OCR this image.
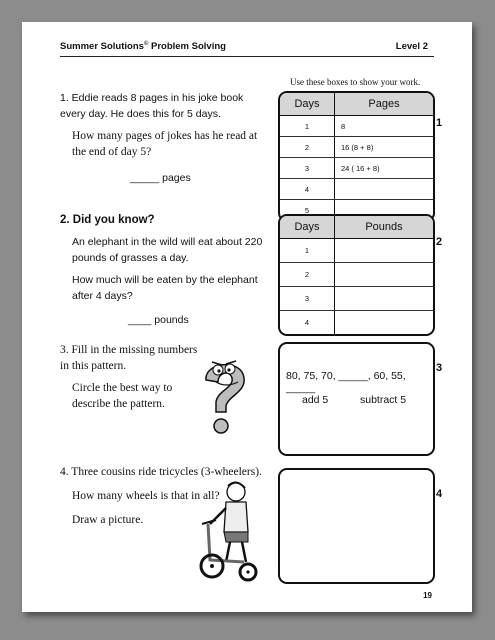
Summer Solutions© Problem Solving	Level 2
Use these boxes to show your work.

1. Eddie reads 8 pages in his joke book every day. He does this for 5 days.

How many pages of jokes has he read at the end of day 5?

_____ pages

2. Did you know?

An elephant in the wild will eat about 220 pounds of grasses a day.

How much will be eaten by the elephant after 4 days?

____ pounds

3. Fill in the missing numbers in this pattern.

Circle the best way to describe the pattern.

4. Three cousins ride tricycles (3-wheelers).

How many wheels is that in all?

Draw a picture.

Days	Pages
1	8
2	16 (8 + 8)
3	24 ( 16 + 8)
4	
5	
1
Days	Pounds
1	
2	
3	
4	
2
80, 75, 70, _____, 60, 55, _____
add 5	subtract 5
3
4
19
